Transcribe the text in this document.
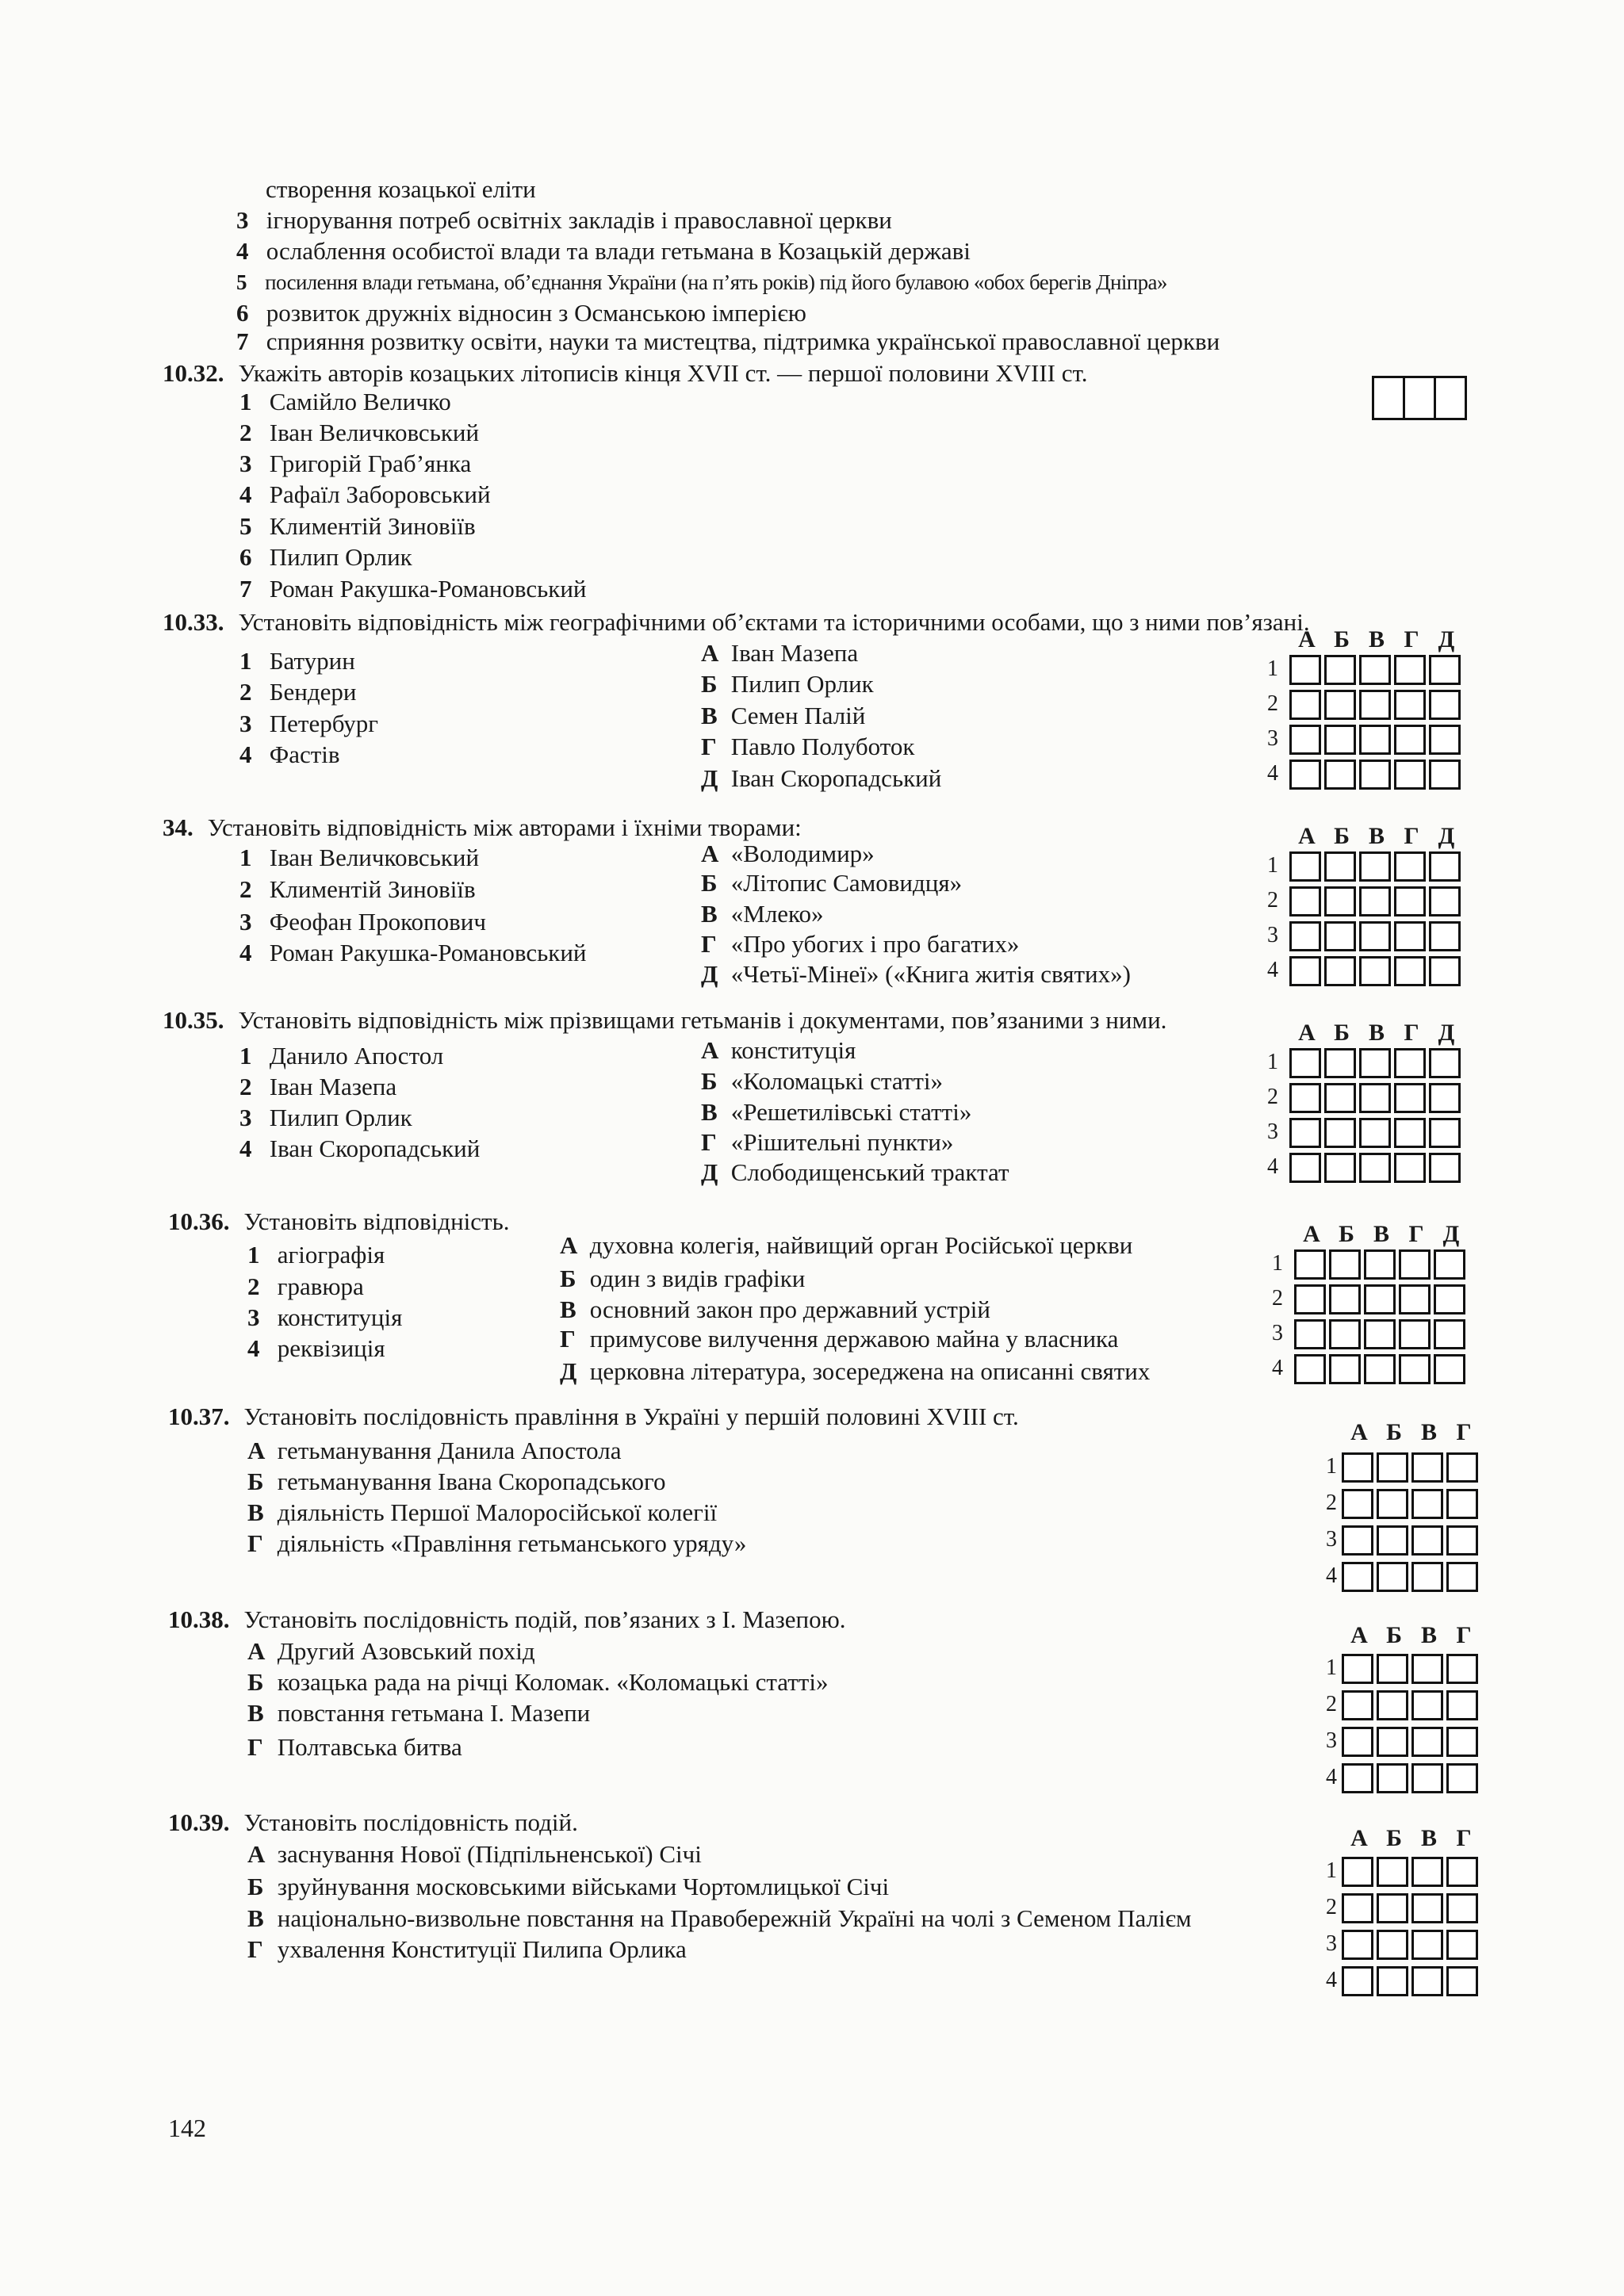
створення козацької еліти
3 ігнорування потреб освітніх закладів і православної церкви
4 ослаблення особистої влади та влади гетьмана в Козацькій державі
5 посилення влади гетьмана, об’єднання України (на п’ять років) під його булавою «обох берегів Дніпра»
6 розвиток дружніх відносин з Османською імперією
7 сприяння розвитку освіти, науки та мистецтва, підтримка української православної церкви
10.32. Укажіть авторів козацьких літописів кінця XVII ст. — першої половини XVIII ст.
1 Самійло Величко
2 Іван Величковський
3 Григорій Граб’янка
4 Рафаїл Заборовський
5 Климентій Зиновіїв
6 Пилип Орлик
7 Роман Ракушка-Романовський
10.33. Установіть відповідність між географічними об’єктами та історичними особами, що з ними пов’язані.
1 Батурин
2 Бендери
3 Петербург
4 Фастів
А Іван Мазепа
Б Пилип Орлик
В Семен Палій
Г Павло Полуботок
Д Іван Скоропадський
А Б В Г Д
1
2
3
4
34. Установіть відповідність між авторами і їхніми творами:
1 Іван Величковський
2 Климентій Зиновіїв
3 Феофан Прокопович
4 Роман Ракушка-Романовський
А «Володимир»
Б «Літопис Самовидця»
В «Млеко»
Г «Про убогих і про багатих»
Д «Четьї-Мінеї» («Книга житія святих»)
А Б В Г Д
1
2
3
4
10.35. Установіть відповідність між прізвищами гетьманів і документами, пов’язаними з ними.
1 Данило Апостол
2 Іван Мазепа
3 Пилип Орлик
4 Іван Скоропадський
А конституція
Б «Коломацькі статті»
В «Решетилівські статті»
Г «Рішительні пункти»
Д Слободищенський трактат
А Б В Г Д
1
2
3
4
10.36. Установіть відповідність.
1 агіографія
2 гравюра
3 конституція
4 реквізиція
А духовна колегія, найвищий орган Російської церкви
Б один з видів графіки
В основний закон про державний устрій
Г примусове вилучення державою майна у власника
Д церковна література, зосереджена на описанні святих
А Б В Г Д
1
2
3
4
10.37. Установіть послідовність правління в Україні у першій половині XVIII ст.
А гетьманування Данила Апостола
Б гетьманування Івана Скоропадського
В діяльність Першої Малоросійської колегії
Г діяльність «Правління гетьманського уряду»
А Б В Г
1
2
3
4
10.38. Установіть послідовність подій, пов’язаних з І. Мазепою.
А Другий Азовський похід
Б козацька рада на річці Коломак. «Коломацькі статті»
В повстання гетьмана І. Мазепи
Г Полтавська битва
А Б В Г
1
2
3
4
10.39. Установіть послідовність подій.
А заснування Нової (Підпільненської) Січі
Б зруйнування московськими військами Чортомлицької Січі
В національно-визвольне повстання на Правобережній Україні на чолі з Семеном Палієм
Г ухвалення Конституції Пилипа Орлика
А Б В Г
1
2
3
4
142
